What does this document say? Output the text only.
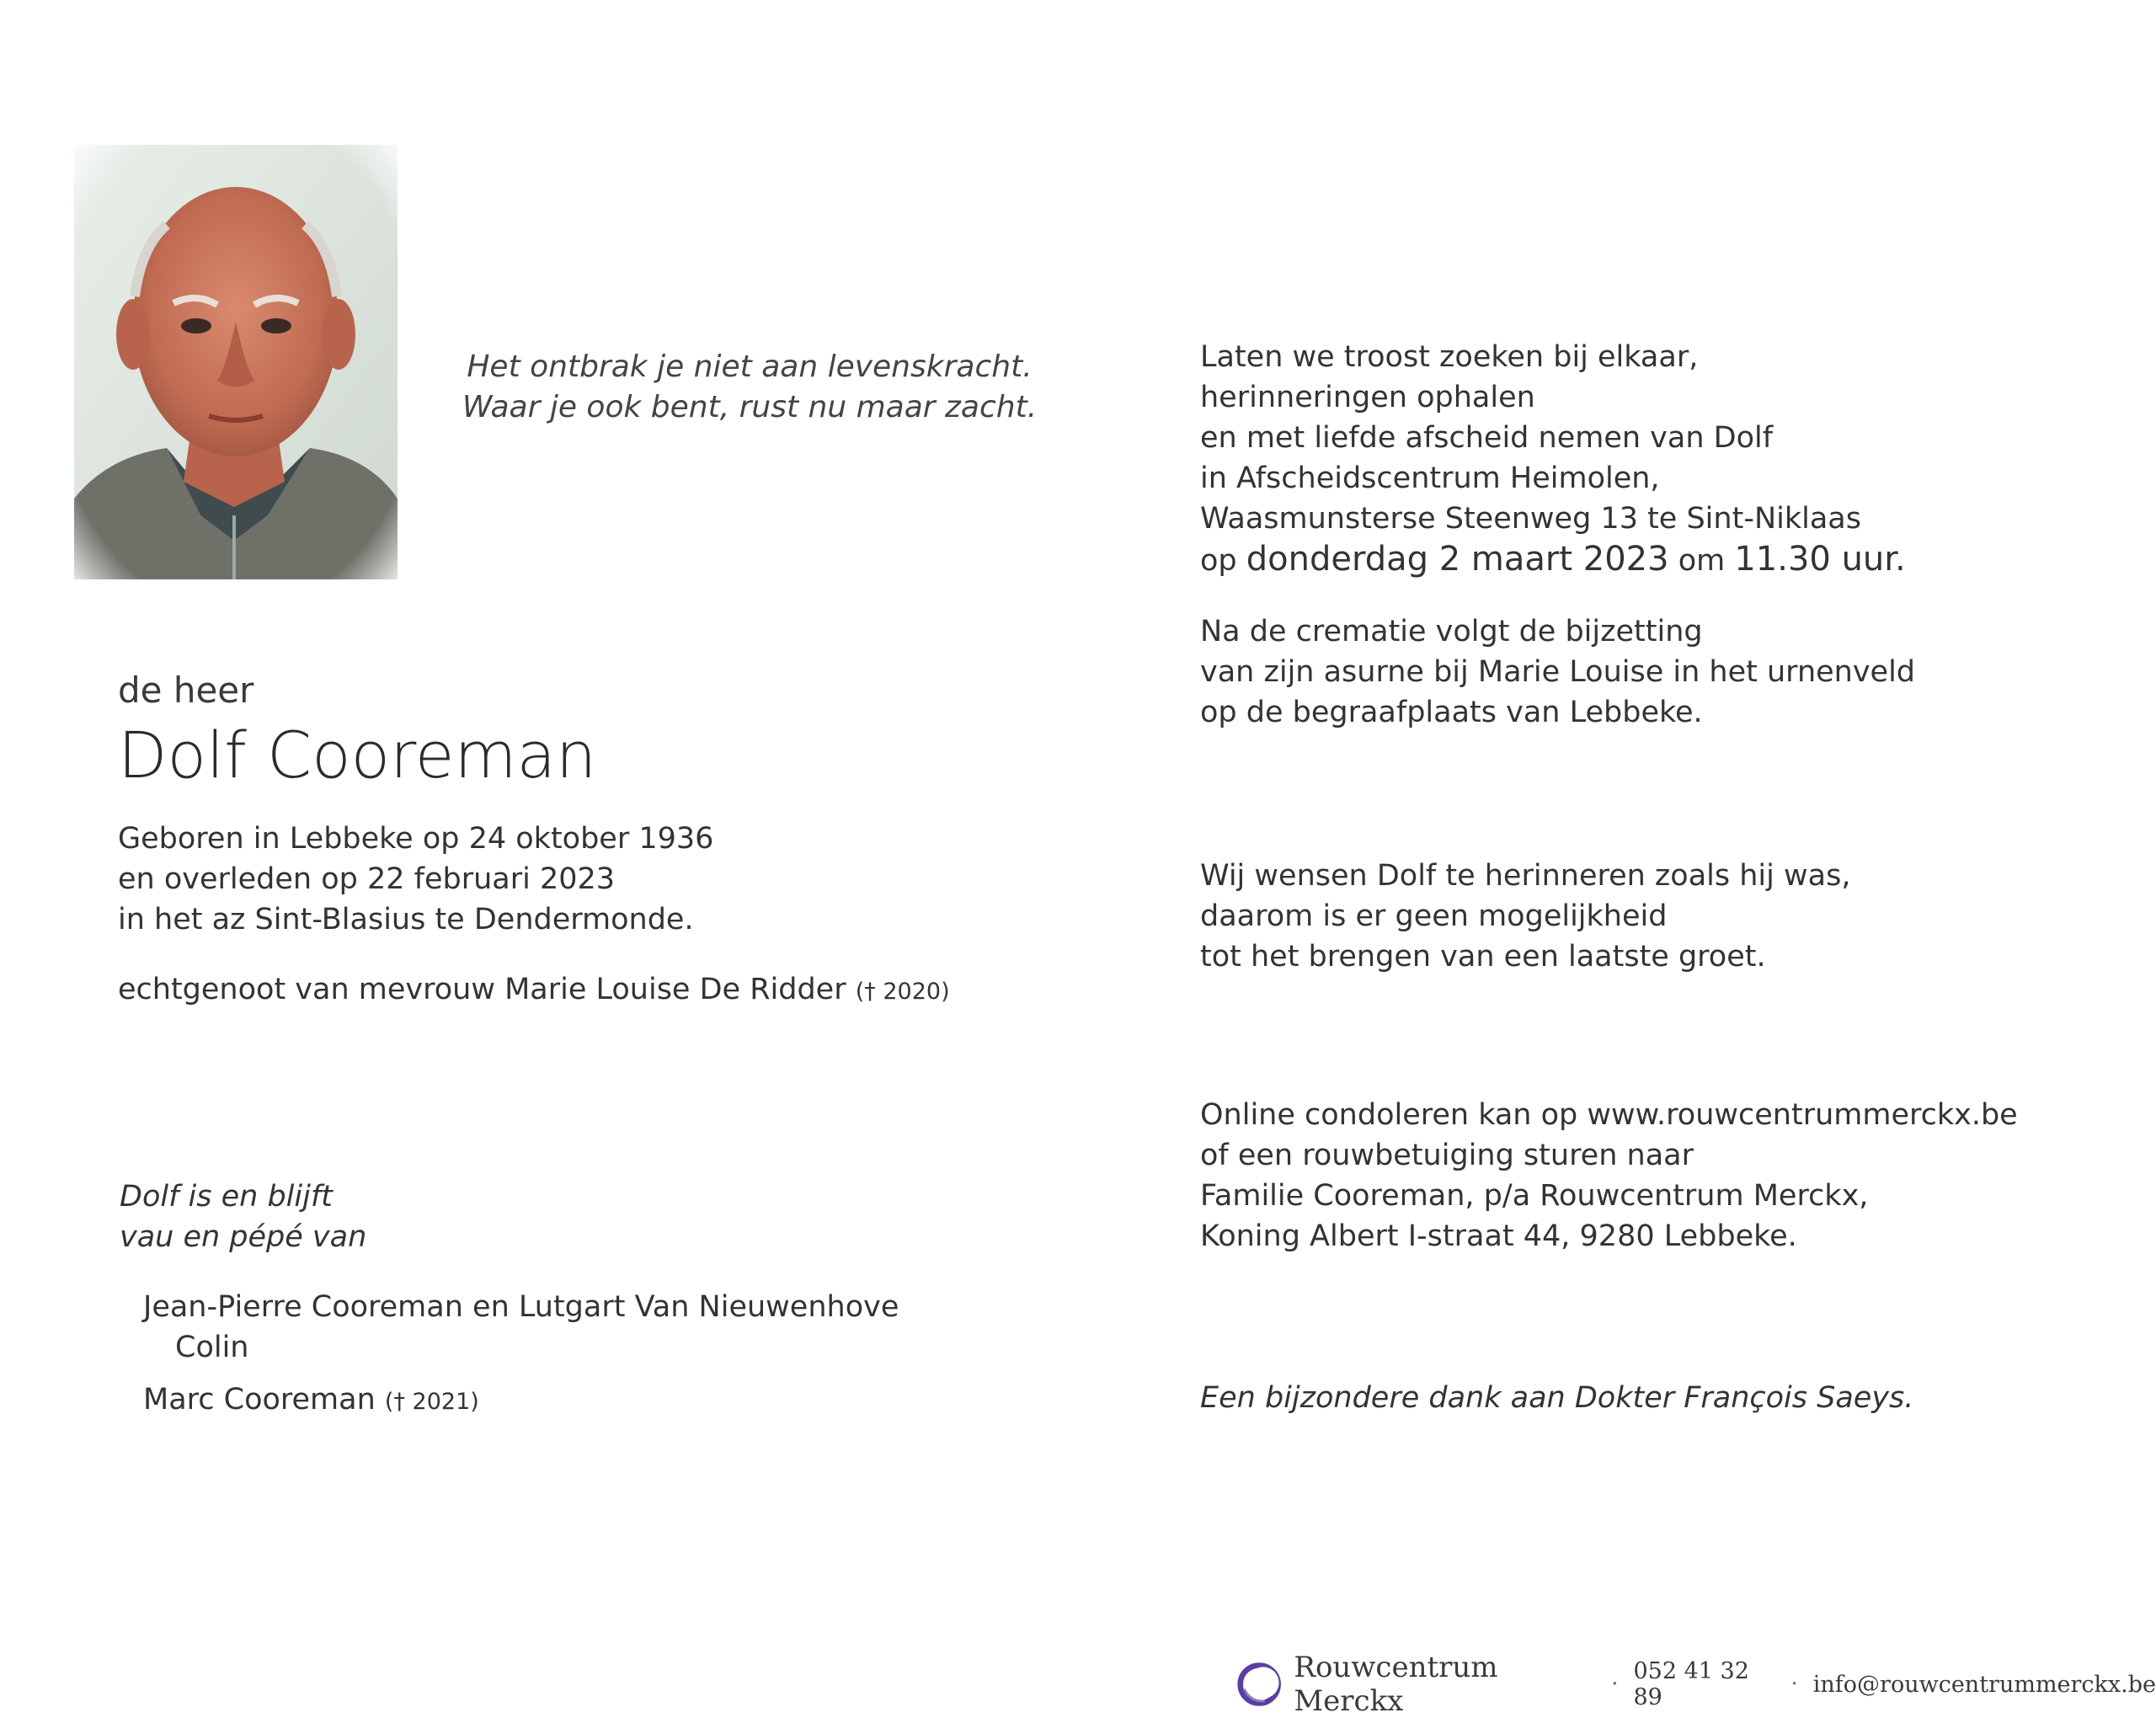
Het ontbrak je niet aan levenskracht.
Waar je ook bent, rust nu maar zacht.
de heer
Dolf Cooreman
Geboren in Lebbeke op 24 oktober 1936
en overleden op 22 februari 2023
in het az Sint-Blasius te Dendermonde.
echtgenoot van mevrouw Marie Louise De Ridder († 2020)
Dolf is en blijft
vau en pépé van
Jean-Pierre Cooreman en Lutgart Van Nieuwenhove
Colin
Marc Cooreman († 2021)
Laten we troost zoeken bij elkaar,
herinneringen ophalen
en met liefde afscheid nemen van Dolf
in Afscheidscentrum Heimolen,
Waasmunsterse Steenweg 13 te Sint-Niklaas
op donderdag 2 maart 2023 om 11.30 uur.
Na de crematie volgt de bijzetting
van zijn asurne bij Marie Louise in het urnenveld
op de begraafplaats van Lebbeke.
Wij wensen Dolf te herinneren zoals hij was,
daarom is er geen mogelijkheid
tot het brengen van een laatste groet.
Online condoleren kan op www.rouwcentrummerckx.be
of een rouwbetuiging sturen naar
Familie Cooreman, p/a Rouwcentrum Merckx,
Koning Albert I-straat 44, 9280 Lebbeke.
Een bijzondere dank aan Dokter François Saeys.
Rouwcentrum Merckx	· 052 41 32 89	· info@rouwcentrummerckx.be
